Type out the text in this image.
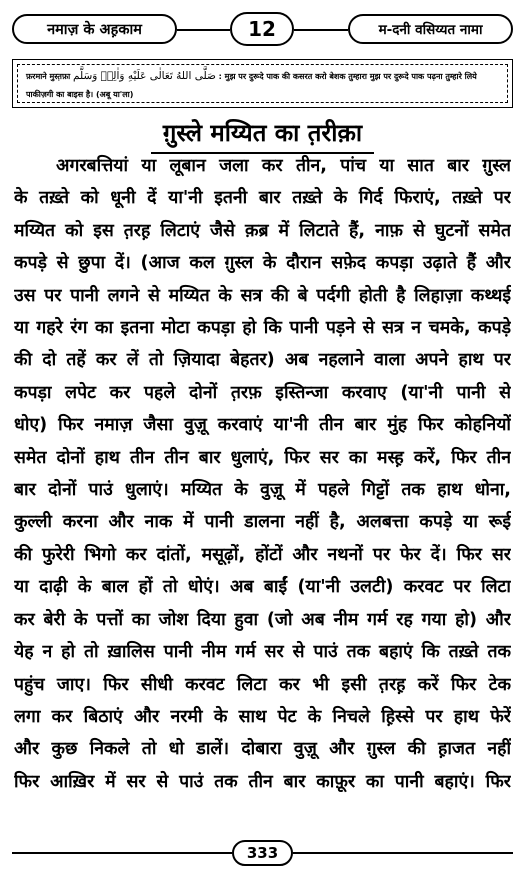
नमाज़ के अह़काम	12	म-दनी वसिय्यत नामा
फ़रमाने मुस्त़फ़ा صَلَّى اللهُ تَعَالٰى عَلَيْهِ وَاٰلِهٖ وَسَلَّم : मुझ पर दुरूदे पाक की कसरत करो बेशक तुम्हारा मुझ पर दुरूदे पाक पढ़ना तुम्हारे लिये पाकीज़गी का बाइस है। (अबू या'ला)
ग़ुस्ले मय्यित का त़रीक़ा
अगरबत्तियां या लूबान जला कर तीन, पांच या सात बार ग़ुस्ल
के तख़्ते को धूनी दें या'नी इतनी बार तख़्ते के गिर्द फिराएं, तख़्ते पर
मय्यित को इस त़रह़ लिटाएं जैसे क़ब्र में लिटाते हैं, नाफ़ से घुटनों समेत
कपड़े से छुपा दें। (आज कल ग़ुस्ल के दौरान सफ़ेद कपड़ा उढ़ाते हैं और
उस पर पानी लगने से मय्यित के सत्र की बे पर्दगी होती है लिहाज़ा कथ्थई
या गहरे रंग का इतना मोटा कपड़ा हो कि पानी पड़ने से सत्र न चमके, कपड़े
की दो तहें कर लें तो ज़ियादा बेहतर) अब नहलाने वाला अपने हाथ पर
कपड़ा लपेट कर पहले दोनों त़रफ़ इस्तिन्जा करवाए (या'नी पानी से
धोए) फिर नमाज़ जैसा वुज़ू करवाएं या'नी तीन बार मुंह फिर कोहनियों
समेत दोनों हाथ तीन तीन बार धुलाएं, फिर सर का मस्ह़ करें, फिर तीन
बार दोनों पाउं धुलाएं। मय्यित के वुज़ू में पहले गिट्टों तक हाथ धोना,
कुल्ली करना और नाक में पानी डालना नहीं है, अलबत्ता कपड़े या रूई
की फुरेरी भिगो कर दांतों, मसूढ़ों, होंटों और नथनों पर फेर दें। फिर सर
या दाढ़ी के बाल हों तो धोएं। अब बाईं (या'नी उलटी) करवट पर लिटा
कर बेरी के पत्तों का जोश दिया हुवा (जो अब नीम गर्म रह गया हो) और
येह न हो तो ख़ालिस पानी नीम गर्म सर से पाउं तक बहाएं कि तख़्ते तक
पहुंच जाए। फिर सीधी करवट लिटा कर भी इसी त़रह़ करें फिर टेक
लगा कर बिठाएं और नरमी के साथ पेट के निचले ह़िस्से पर हाथ फेरें
और कुछ निकले तो धो डालें। दोबारा वुज़ू और ग़ुस्ल की ह़ाजत नहीं
फिर आख़िर में सर से पाउं तक तीन बार काफ़ूर का पानी बहाएं। फिर
333
